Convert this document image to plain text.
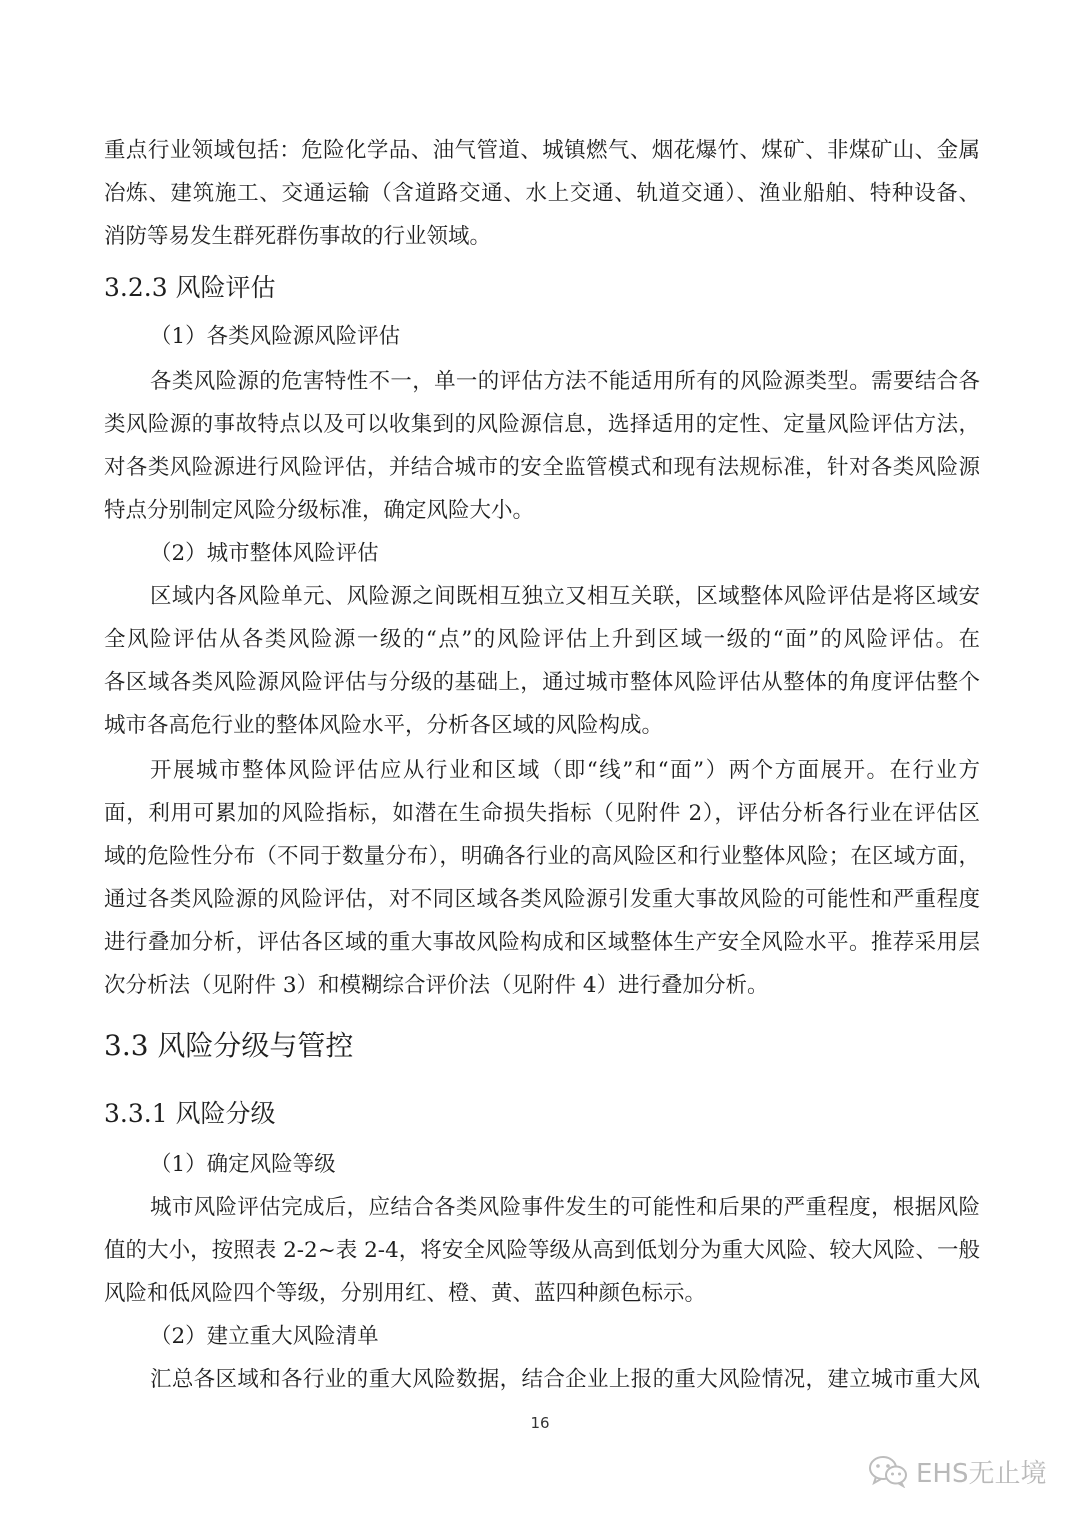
重点行业领域包括：危险化学品、油气管道、城镇燃气、烟花爆竹、煤矿、非煤矿山、金属
冶炼、建筑施工、交通运输（含道路交通、水上交通、轨道交通）、渔业船舶、特种设备、
消防等易发生群死群伤事故的行业领域。
3.2.3 风险评估
（1）各类风险源风险评估
各类风险源的危害特性不一，单一的评估方法不能适用所有的风险源类型。需要结合各
类风险源的事故特点以及可以收集到的风险源信息，选择适用的定性、定量风险评估方法，
对各类风险源进行风险评估，并结合城市的安全监管模式和现有法规标准，针对各类风险源
特点分别制定风险分级标准，确定风险大小。
（2）城市整体风险评估
区域内各风险单元、风险源之间既相互独立又相互关联，区域整体风险评估是将区域安
全风险评估从各类风险源一级的“点”的风险评估上升到区域一级的“面”的风险评估。在
各区域各类风险源风险评估与分级的基础上，通过城市整体风险评估从整体的角度评估整个
城市各高危行业的整体风险水平，分析各区域的风险构成。
开展城市整体风险评估应从行业和区域（即“线”和“面”）两个方面展开。在行业方
面，利用可累加的风险指标，如潜在生命损失指标（见附件 2），评估分析各行业在评估区
域的危险性分布（不同于数量分布），明确各行业的高风险区和行业整体风险；在区域方面，
通过各类风险源的风险评估，对不同区域各类风险源引发重大事故风险的可能性和严重程度
进行叠加分析，评估各区域的重大事故风险构成和区域整体生产安全风险水平。推荐采用层
次分析法（见附件 3）和模糊综合评价法（见附件 4）进行叠加分析。
3.3 风险分级与管控
3.3.1 风险分级
（1）确定风险等级
城市风险评估完成后，应结合各类风险事件发生的可能性和后果的严重程度，根据风险
值的大小，按照表 2-2~表 2-4，将安全风险等级从高到低划分为重大风险、较大风险、一般
风险和低风险四个等级，分别用红、橙、黄、蓝四种颜色标示。
（2）建立重大风险清单
汇总各区域和各行业的重大风险数据，结合企业上报的重大风险情况，建立城市重大风
16
EHS无止境
